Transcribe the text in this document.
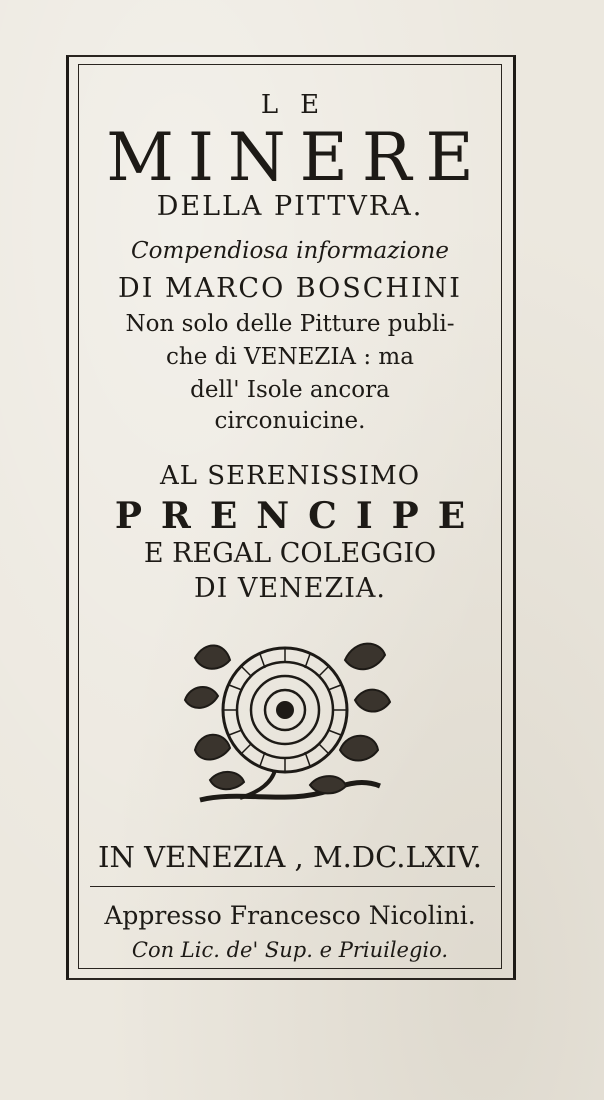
LE
MINERE
DELLA PITTVRA.
Compendiosa informazione
DI MARCO BOSCHINI
Non solo delle Pitture publi-
che di VENEZIA : ma
dell' Isole ancora
circonuicine.
AL SERENISSIMO
PRENCIPE
E REGAL COLEGGIO
DI VENEZIA.
IN VENEZIA , M.DC.LXIV.
Appresso Francesco Nicolini.
Con Lic. de' Sup. e Priuilegio.
